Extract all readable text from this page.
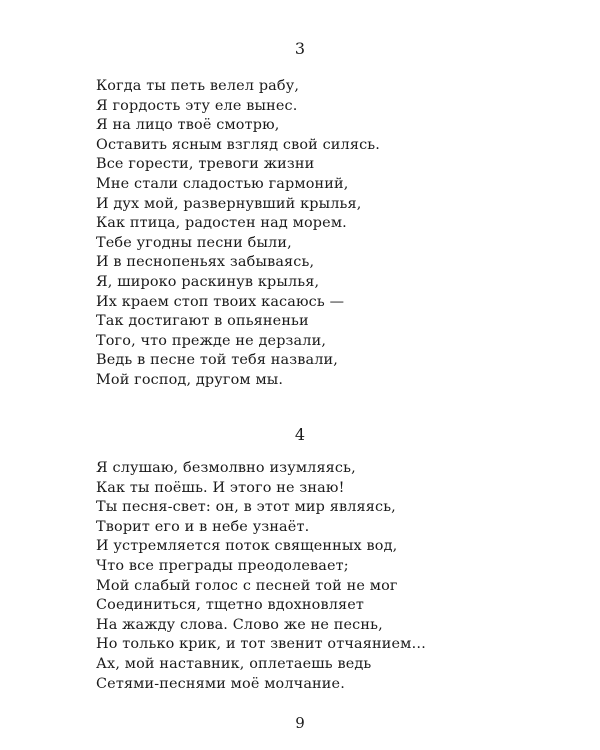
3
Когда ты петь велел рабу,
Я гордость эту еле вынес.
Я на лицо твоё смотрю,
Оставить ясным взгляд свой силясь.
Все горести, тревоги жизни
Мне стали сладостью гармоний,
И дух мой, развернувший крылья,
Как птица, радостен над морем.
Тебе угодны песни были,
И в песнопеньях забываясь,
Я, широко раскинув крылья,
Их краем стоп твоих касаюсь —
Так достигают в опьяненьи
Того, что прежде не дерзали,
Ведь в песне той тебя назвали,
Мой господ, другом мы.
4
Я слушаю, безмолвно изумляясь,
Как ты поёшь. И этого не знаю!
Ты песня-свет: он, в этот мир являясь,
Творит его и в небе узнаёт.
И устремляется поток священных вод,
Что все преграды преодолевает;
Мой слабый голос с песней той не мог
Соединиться, тщетно вдохновляет
На жажду слова. Слово же не песнь,
Но только крик, и тот звенит отчаянием…
Ах, мой наставник, оплетаешь ведь
Сетями-песнями моё молчание.
9
